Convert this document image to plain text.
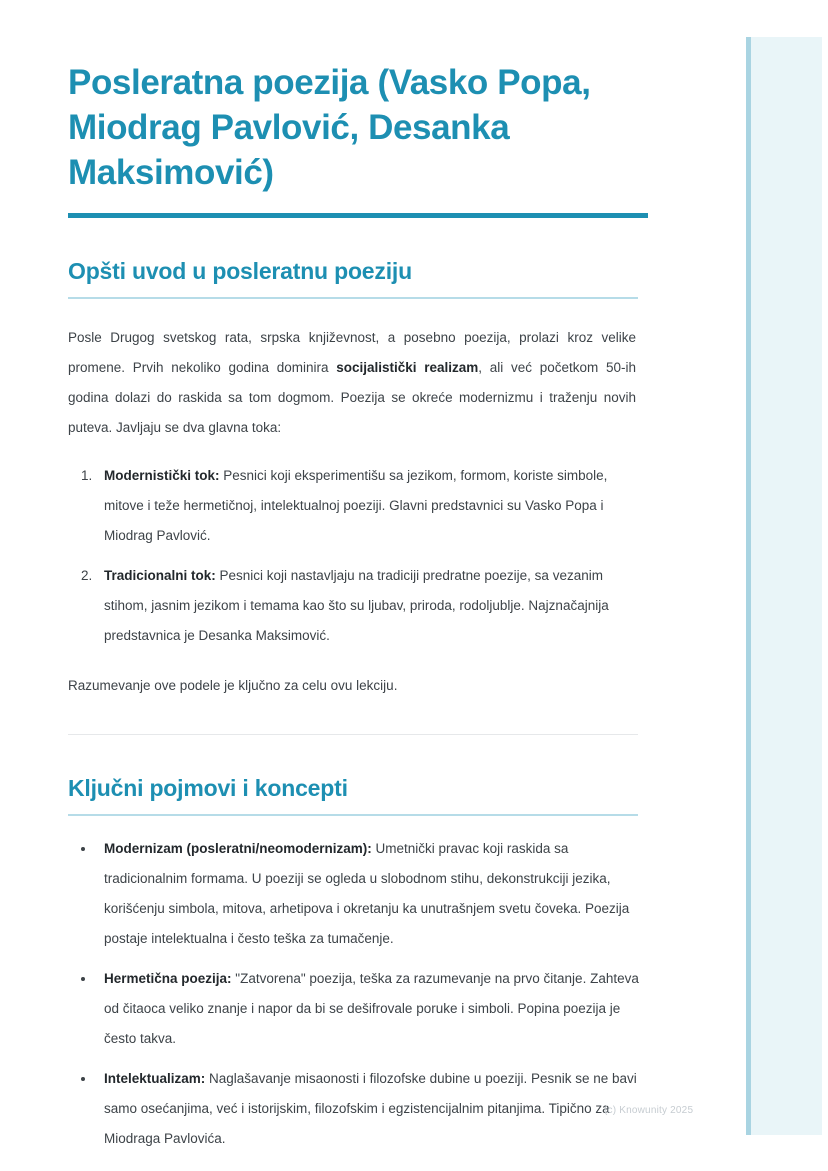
Posleratna poezija (Vasko Popa, Miodrag Pavlović, Desanka Maksimović)
Opšti uvod u posleratnu poeziju

Posle Drugog svetskog rata, srpska književnost, a posebno poezija, prolazi kroz velike promene. Prvih nekoliko godina dominira socijalistički realizam, ali već početkom 50-ih godina dolazi do raskida sa tom dogmom. Poezija se okreće modernizmu i traženju novih puteva. Javljaju se dva glavna toka:

1. Modernistički tok: Pesnici koji eksperimentišu sa jezikom, formom, koriste simbole, mitove i teže hermetičnoj, intelektualnoj poeziji. Glavni predstavnici su Vasko Popa i Miodrag Pavlović.
2. Tradicionalni tok: Pesnici koji nastavljaju na tradiciji predratne poezije, sa vezanim stihom, jasnim jezikom i temama kao što su ljubav, priroda, rodoljublje. Najznačajnija predstavnica je Desanka Maksimović.

Razumevanje ove podele je ključno za celu ovu lekciju.

Ključni pojmovi i koncepti
• Modernizam (posleratni/neomodernizam): Umetnički pravac koji raskida sa tradicionalnim formama. U poeziji se ogleda u slobodnom stihu, dekonstrukciji jezika, korišćenju simbola, mitova, arhetipova i okretanju ka unutrašnjem svetu čoveka. Poezija postaje intelektualna i često teška za tumačenje.
• Hermetična poezija: "Zatvorena" poezija, teška za razumevanje na prvo čitanje. Zahteva od čitaoca veliko znanje i napor da bi se dešifrovale poruke i simboli. Popina poezija je često takva.
• Intelektualizam: Naglašavanje misaonosti i filozofske dubine u poeziji. Pesnik se ne bavi samo osećanjima, već i istorijskim, filozofskim i egzistencijalnim pitanjima. Tipično za Miodraga Pavlovića.
(c) Knowunity 2025
